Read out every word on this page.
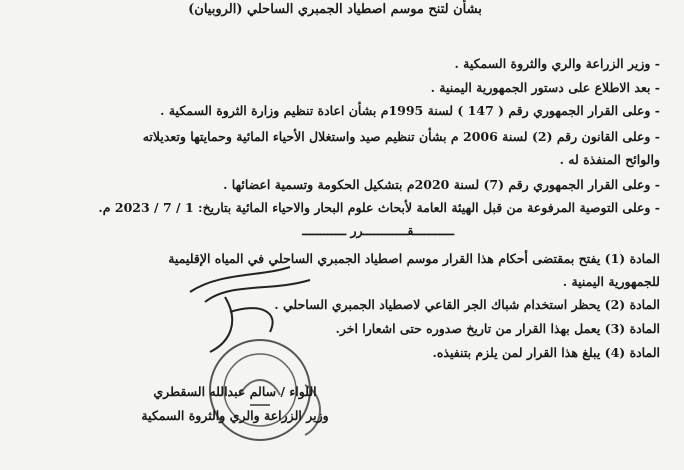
بشأن لتنح موسم اصطياد الجمبري الساحلي (الروبيان)
- وزير الزراعة والري والثروة السمكية .
- بعد الاطلاع على دستور الجمهورية اليمنية .
- وعلى القرار الجمهوري رقم ( 147 ) لسنة 1995م بشأن اعادة تنظيم وزارة الثروة السمكية .
- وعلى القانون رقم (2) لسنة 2006 م بشأن تنظيم صيد واستغلال الأحياء المائية وحمايتها وتعديلاته
والوائح المنفذة له .
- وعلى القرار الجمهوري رقم (7) لسنة 2020م بتشكيل الحكومة وتسمية اعضائها .
- وعلى التوصية المرفوعة من قبل الهيئة العامة لأبحاث علوم البحار والاحياء المائية بتاريخ: 1 / 7 / 2023 م.
ـــــــــــقــــــــــــرر ــــــــــــ
المادة (1) يفتح بمقتضى أحكام هذا القرار موسم اصطياد الجمبري الساحلي في المياه الإقليمية
للجمهورية اليمنية .
المادة (2) يحظر استخدام شباك الجر القاعي لاصطياد الجمبري الساحلي .
المادة (3) يعمل بهذا القرار من تاريخ صدوره حتى اشعارا اخر.
المادة (4) يبلغ هذا القرار لمن يلزم بتنفيذه.
اللواء / سالم عبدالله السقطري
وزير الزراعة والري والثروة السمكية
